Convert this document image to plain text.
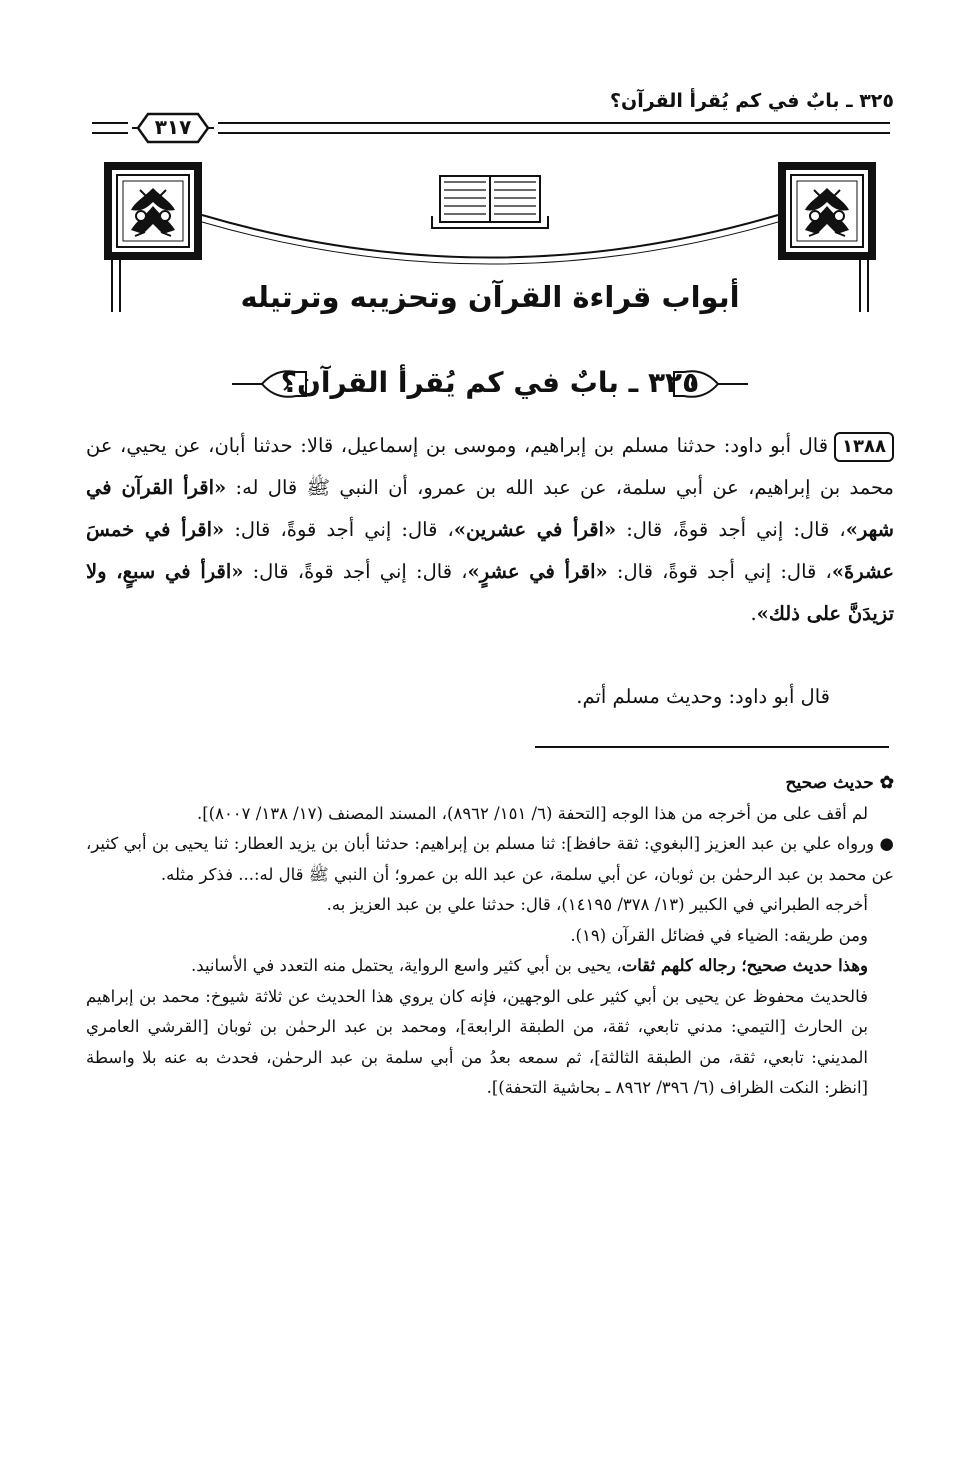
٣٢٥ ـ بابٌ في كم يُقرأ القرآن؟
٣١٧
أبواب قراءة القرآن وتحزيبه وترتيله
٣٢٥ ـ بابٌ في كم يُقرأ القرآن؟

١٣٨٨قال أبو داود: حدثنا مسلم بن إبراهيم، وموسى بن إسماعيل، قالا: حدثنا أبان، عن يحيي، عن محمد بن إبراهيم، عن أبي سلمة، عن عبد الله بن عمرو، أن النبي ﷺ قال له: «اقرأ القرآن في شهر»، قال: إني أجد قوةً، قال: «اقرأ في عشرين»، قال: إني أجد قوةً، قال: «اقرأ في خمسَ عشرةَ»، قال: إني أجد قوةً، قال: «اقرأ في عشرٍ»، قال: إني أجد قوةً، قال: «اقرأ في سبعٍ، ولا تزيدَنَّ على ذلك».

قال أبو داود: وحديث مسلم أتم.

✿ حديث صحيح

لم أقف على من أخرجه من هذا الوجه [التحفة (٦/ ١٥١/ ٨٩٦٢)، المسند المصنف (١٧/ ١٣٨/ ٨٠٠٧)].

● ورواه علي بن عبد العزيز [البغوي: ثقة حافظ]: ثنا مسلم بن إبراهيم: حدثنا أبان بن يزيد العطار: ثنا يحيى بن أبي كثير، عن محمد بن عبد الرحمٰن بن ثوبان، عن أبي سلمة، عن عبد الله بن عمرو؛ أن النبي ﷺ قال له:... فذكر مثله.

أخرجه الطبراني في الكبير (١٣/ ٣٧٨/ ١٤١٩٥)، قال: حدثنا علي بن عبد العزيز به.

ومن طريقه: الضياء في فضائل القرآن (١٩).

وهذا حديث صحيح؛ رجاله كلهم ثقات، يحيى بن أبي كثير واسع الرواية، يحتمل منه التعدد في الأسانيد.

فالحديث محفوظ عن يحيى بن أبي كثير على الوجهين، فإنه كان يروي هذا الحديث عن ثلاثة شيوخ: محمد بن إبراهيم بن الحارث [التيمي: مدني تابعي، ثقة، من الطبقة الرابعة]، ومحمد بن عبد الرحمٰن بن ثوبان [القرشي العامري المديني: تابعي، ثقة، من الطبقة الثالثة]، ثم سمعه بعدُ من أبي سلمة بن عبد الرحمٰن، فحدث به عنه بلا واسطة [انظر: النكت الظراف (٦/ ٣٩٦/ ٨٩٦٢ ـ بحاشية التحفة)].
